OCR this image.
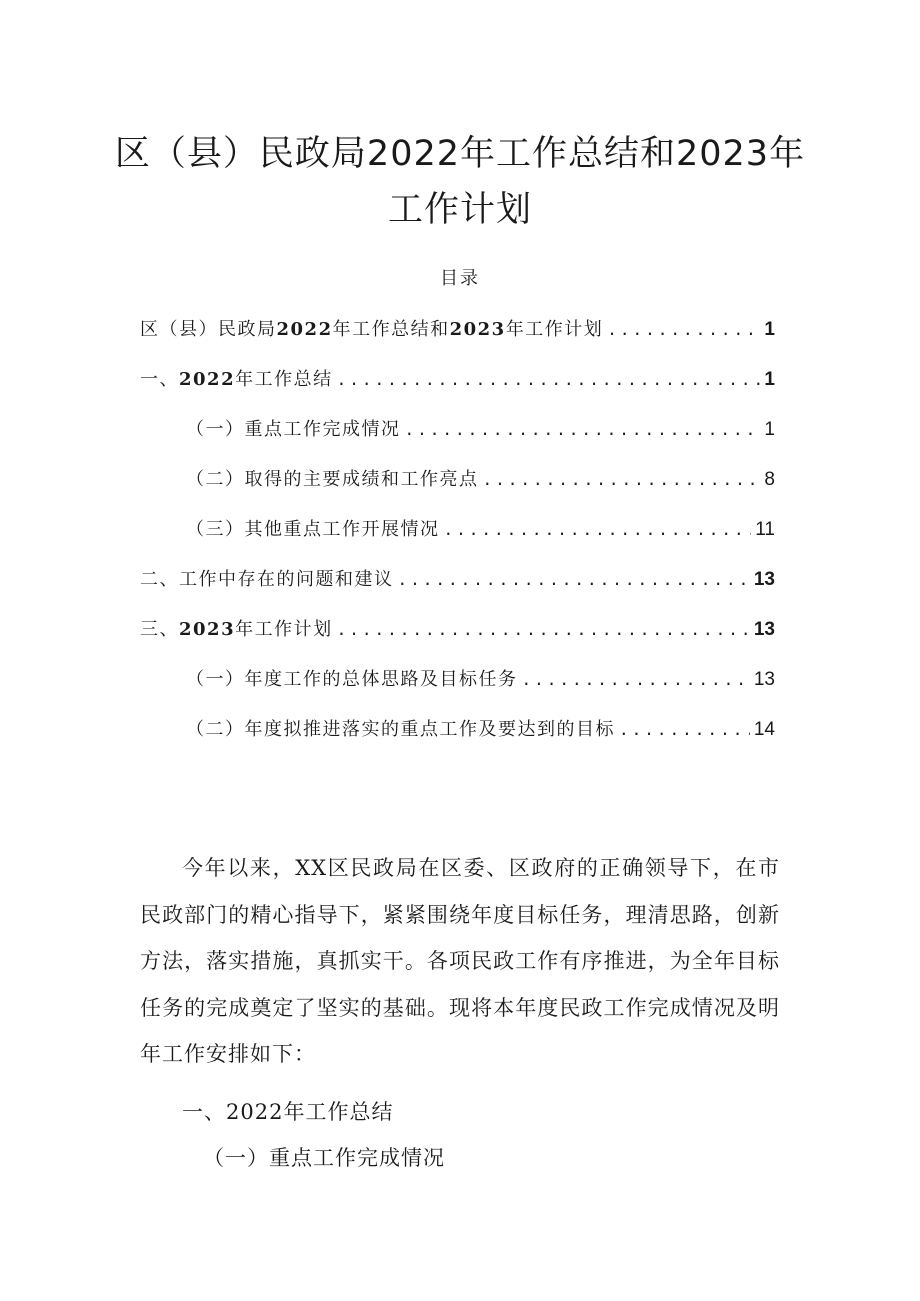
区（县）民政局2022年工作总结和2023年工作计划
目录
区（县）民政局2022年工作总结和2023年工作计划 .....	1
一、2022年工作总结 .....	1
（一）重点工作完成情况 .....	1
（二）取得的主要成绩和工作亮点 .....	8
（三）其他重点工作开展情况 .....	11
二、工作中存在的问题和建议 .....	13
三、2023年工作计划 .....	13
（一）年度工作的总体思路及目标任务 .....	13
（二）年度拟推进落实的重点工作及要达到的目标 .....	14

今年以来，XX区民政局在区委、区政府的正确领导下，在市民政部门的精心指导下，紧紧围绕年度目标任务，理清思路，创新方法，落实措施，真抓实干。各项民政工作有序推进，为全年目标任务的完成奠定了坚实的基础。现将本年度民政工作完成情况及明年工作安排如下：

一、2022年工作总结
（一）重点工作完成情况
